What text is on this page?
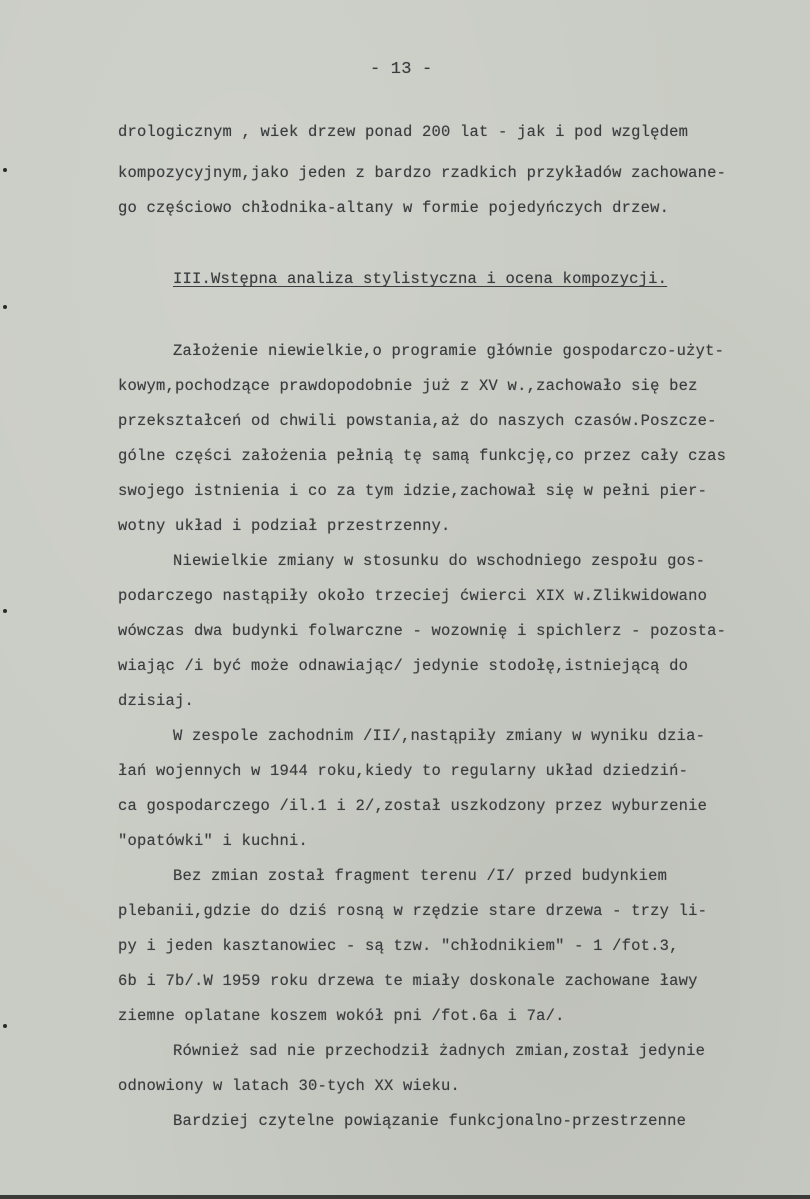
- 13 -
drologicznym , wiek drzew ponad 200 lat - jak i pod względem
kompozycyjnym,jako jeden z bardzo rzadkich przykładów zachowane-
go częściowo chłodnika-altany w formie pojedyńczych drzew.
III.Wstępna analiza stylistyczna i ocena kompozycji.
Założenie niewielkie,o programie głównie gospodarczo-użyt-
kowym,pochodzące prawdopodobnie już z XV w.,zachowało się bez
przekształceń od chwili powstania,aż do naszych czasów.Poszcze-
gólne części założenia pełnią tę samą funkcję,co przez cały czas
swojego istnienia i co za tym idzie,zachował się w pełni pier-
wotny układ i podział przestrzenny.
Niewielkie zmiany w stosunku do wschodniego zespołu gos-
podarczego nastąpiły około trzeciej ćwierci XIX w.Zlikwidowano
wówczas dwa budynki folwarczne - wozownię i spichlerz - pozosta-
wiając /i być może odnawiając/ jedynie stodołę,istniejącą do
dzisiaj.
W zespole zachodnim /II/,nastąpiły zmiany w wyniku dzia-
łań wojennych w 1944 roku,kiedy to regularny układ dziedziń-
ca gospodarczego /il.1 i 2/,został uszkodzony przez wyburzenie
"opatówki" i kuchni.
Bez zmian został fragment terenu /I/ przed budynkiem
plebanii,gdzie do dziś rosną w rzędzie stare drzewa - trzy li-
py i jeden kasztanowiec - są tzw. "chłodnikiem" - 1 /fot.3,
6b i 7b/.W 1959 roku drzewa te miały doskonale zachowane ławy
ziemne oplatane koszem wokół pni /fot.6a i 7a/.
Również sad nie przechodził żadnych zmian,został jedynie
odnowiony w latach 30-tych XX wieku.
Bardziej czytelne powiązanie funkcjonalno-przestrzenne
